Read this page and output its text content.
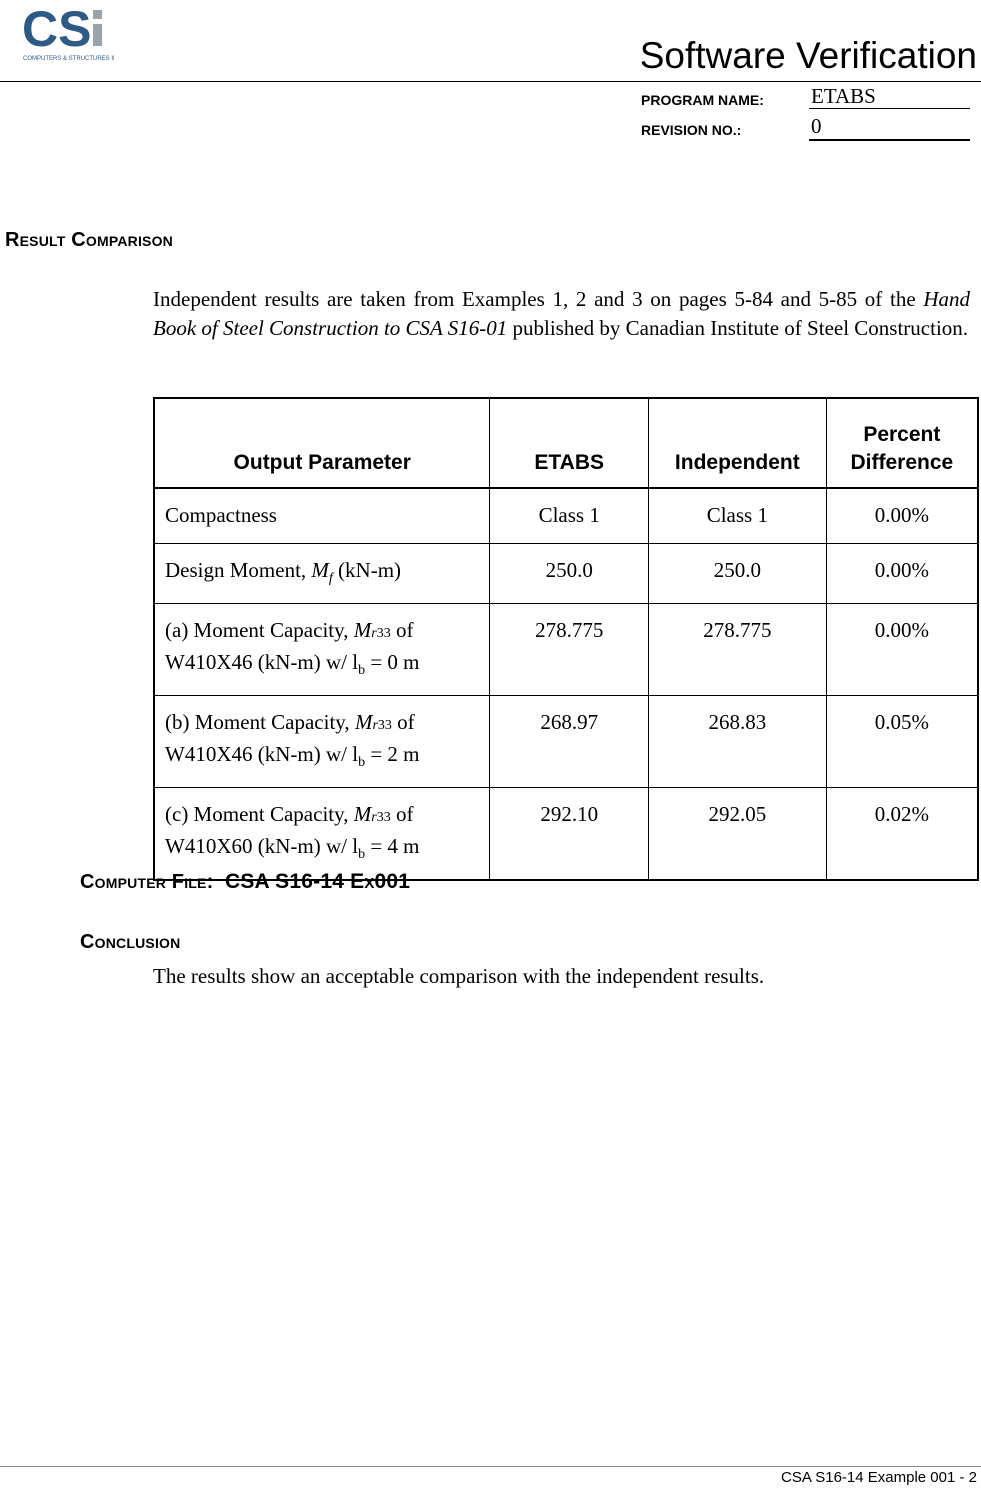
CS
COMPUTERS & STRUCTURES INC.	Software Verification
PROGRAM NAME: ETABS
REVISION NO.:	0
Result Comparison
Independent results are taken from Examples 1, 2 and 3 on pages 5-84 and 5-85 of the Hand Book of Steel Construction to CSA S16-01 published by Canadian Institute of Steel Construction.
Output Parameter	ETABS	Independent	Percent
Difference
Compactness	Class 1	Class 1	0.00%
Design Moment, $M_f$ (kN-m)	250.0	250.0	0.00%
(a) Moment Capacity, Mr33 of
W410X46 (kN-m) w/ $l_b = 0$ m	278.775	278.775	0.00%
(b) Moment Capacity, Mr33 of
W410X46 (kN-m) w/ $l_b = 2$ m	268.97	268.83	0.05%
(c) Moment Capacity, Mr33 of
W410X60 (kN-m) w/ $l_b = 4$ m	292.10	292.05	0.02%
Computer File: CSA S16-14 Ex001
Conclusion
The results show an acceptable comparison with the independent results.
CSA S16-14 Example 001 - 2
